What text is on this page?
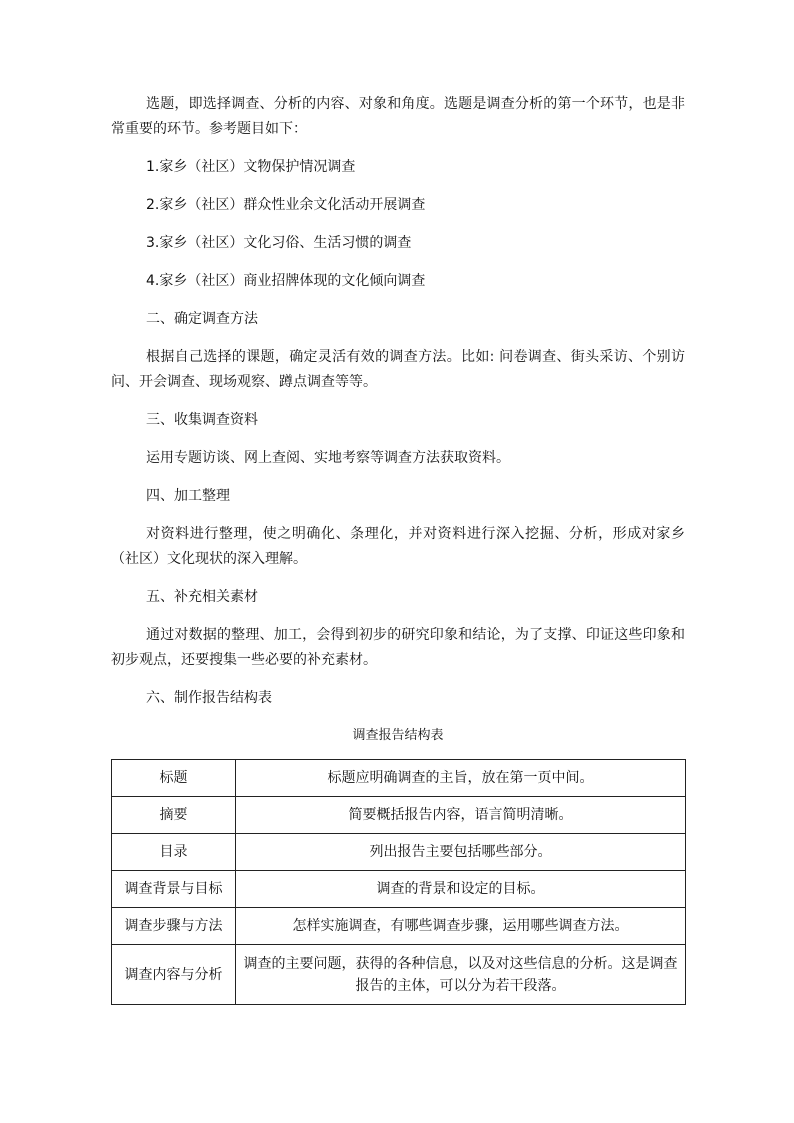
选题，即选择调查、分析的内容、对象和角度。选题是调查分析的第一个环节，也是非常重要的环节。参考题目如下：

1.家乡（社区）文物保护情况调查

2.家乡（社区）群众性业余文化活动开展调查

3.家乡（社区）文化习俗、生活习惯的调查

4.家乡（社区）商业招牌体现的文化倾向调查

二、确定调查方法

根据自己选择的课题，确定灵活有效的调查方法。比如: 问卷调查、街头采访、个别访问、开会调查、现场观察、蹲点调查等等。

三、收集调查资料

运用专题访谈、网上查阅、实地考察等调查方法获取资料。

四、加工整理

对资料进行整理，使之明确化、条理化，并对资料进行深入挖掘、分析，形成对家乡（社区）文化现状的深入理解。

五、补充相关素材

通过对数据的整理、加工，会得到初步的研究印象和结论，为了支撑、印证这些印象和初步观点，还要搜集一些必要的补充素材。

六、制作报告结构表

调查报告结构表
标题	标题应明确调查的主旨，放在第一页中间。
摘要	简要概括报告内容，语言简明清晰。
目录	列出报告主要包括哪些部分。
调查背景与目标	调查的背景和设定的目标。
调查步骤与方法	怎样实施调查，有哪些调查步骤，运用哪些调查方法。
调查内容与分析	调查的主要问题，获得的各种信息，以及对这些信息的分析。这是调查报告的主体，可以分为若干段落。
